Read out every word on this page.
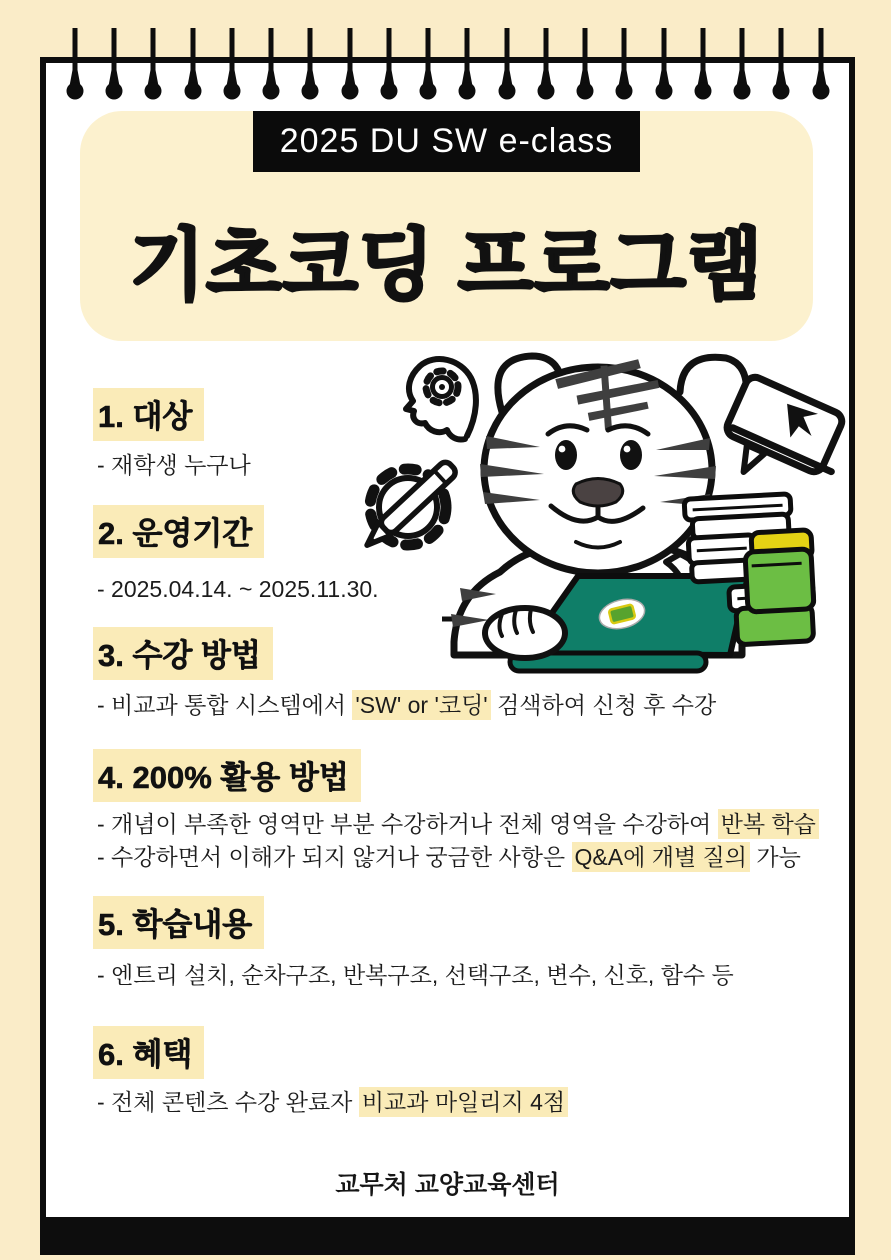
2025 DU SW e-class
기초코딩 프로그램
1. 대상
- 재학생 누구나
2. 운영기간
- 2025.04.14. ~ 2025.11.30.
3. 수강 방법
- 비교과 통합 시스템에서 'SW' or '코딩' 검색하여 신청 후 수강
4. 200% 활용 방법
- 개념이 부족한 영역만 부분 수강하거나 전체 영역을 수강하여 반복 학습
- 수강하면서 이해가 되지 않거나 궁금한 사항은 Q&A에 개별 질의 가능
5. 학습내용
- 엔트리 설치, 순차구조, 반복구조, 선택구조, 변수, 신호, 함수 등
6. 혜택
- 전체 콘텐츠 수강 완료자 비교과 마일리지 4점
교무처 교양교육센터
